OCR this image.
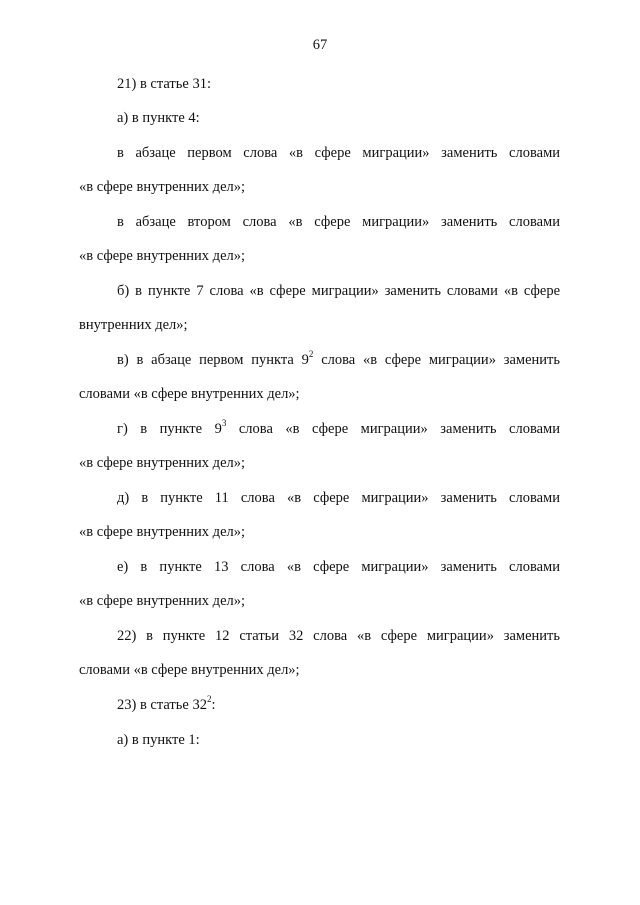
67
21) в статье 31:
а) в пункте 4:
в абзаце первом слова «в сфере миграции» заменить словами
«в сфере внутренних дел»;
в абзаце втором слова «в сфере миграции» заменить словами
«в сфере внутренних дел»;
б) в пункте 7 слова «в сфере миграции» заменить словами «в сфере
внутренних дел»;
в) в абзаце первом пункта $9^2$ слова «в сфере миграции» заменить
словами «в сфере внутренних дел»;
г) в пункте $9^3$ слова «в сфере миграции» заменить словами
«в сфере внутренних дел»;
д) в пункте 11 слова «в сфере миграции» заменить словами
«в сфере внутренних дел»;
е) в пункте 13 слова «в сфере миграции» заменить словами
«в сфере внутренних дел»;
22) в пункте 12 статьи 32 слова «в сфере миграции» заменить
словами «в сфере внутренних дел»;
23) в статье $32^2$:
а) в пункте 1:
